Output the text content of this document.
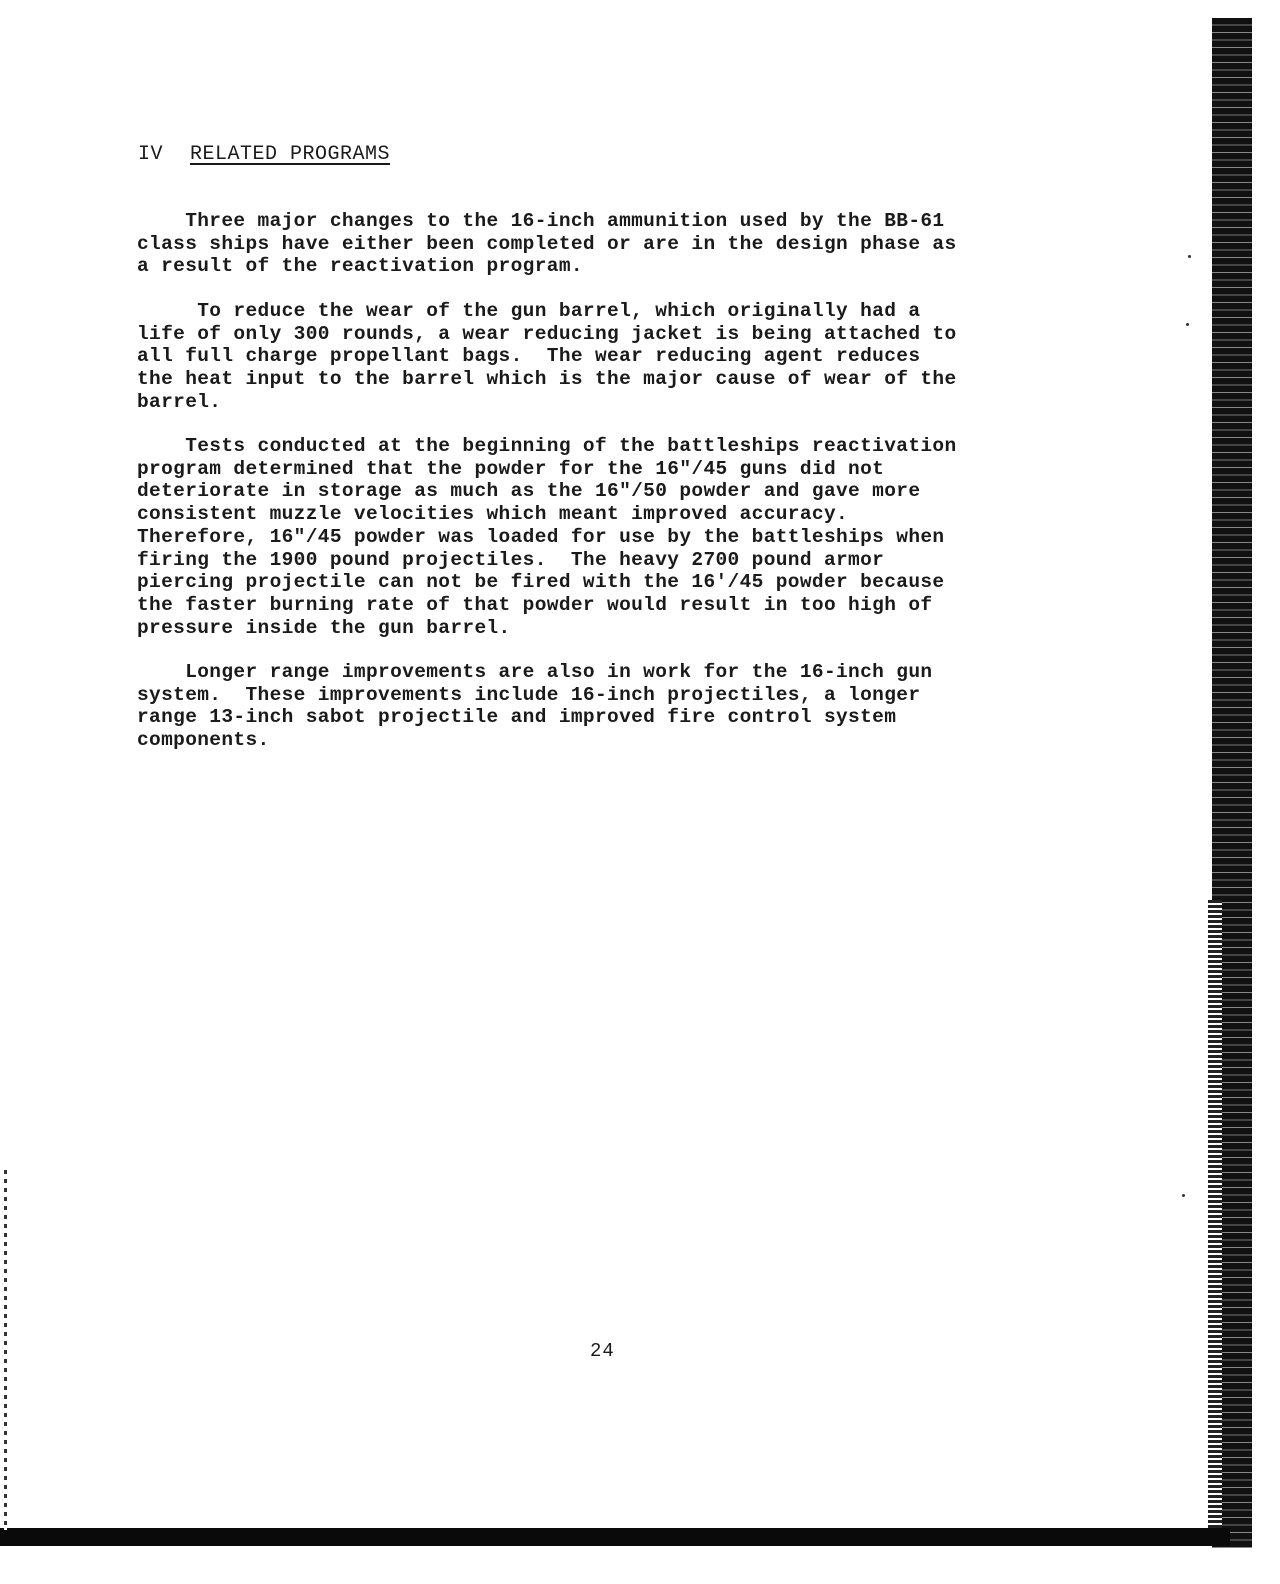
IV RELATED PROGRAMS

Three major changes to the 16-inch ammunition used by the BB-61
class ships have either been completed or are in the design phase as
a result of the reactivation program.

To reduce the wear of the gun barrel, which originally had a
life of only 300 rounds, a wear reducing jacket is being attached to
all full charge propellant bags.  The wear reducing agent reduces
the heat input to the barrel which is the major cause of wear of the
barrel.

Tests conducted at the beginning of the battleships reactivation
program determined that the powder for the 16"/45 guns did not
deteriorate in storage as much as the 16"/50 powder and gave more
consistent muzzle velocities which meant improved accuracy.
Therefore, 16"/45 powder was loaded for use by the battleships when
firing the 1900 pound projectiles.  The heavy 2700 pound armor
piercing projectile can not be fired with the 16'/45 powder because
the faster burning rate of that powder would result in too high of
pressure inside the gun barrel.

Longer range improvements are also in work for the 16-inch gun
system.  These improvements include 16-inch projectiles, a longer
range 13-inch sabot projectile and improved fire control system
components.

24
